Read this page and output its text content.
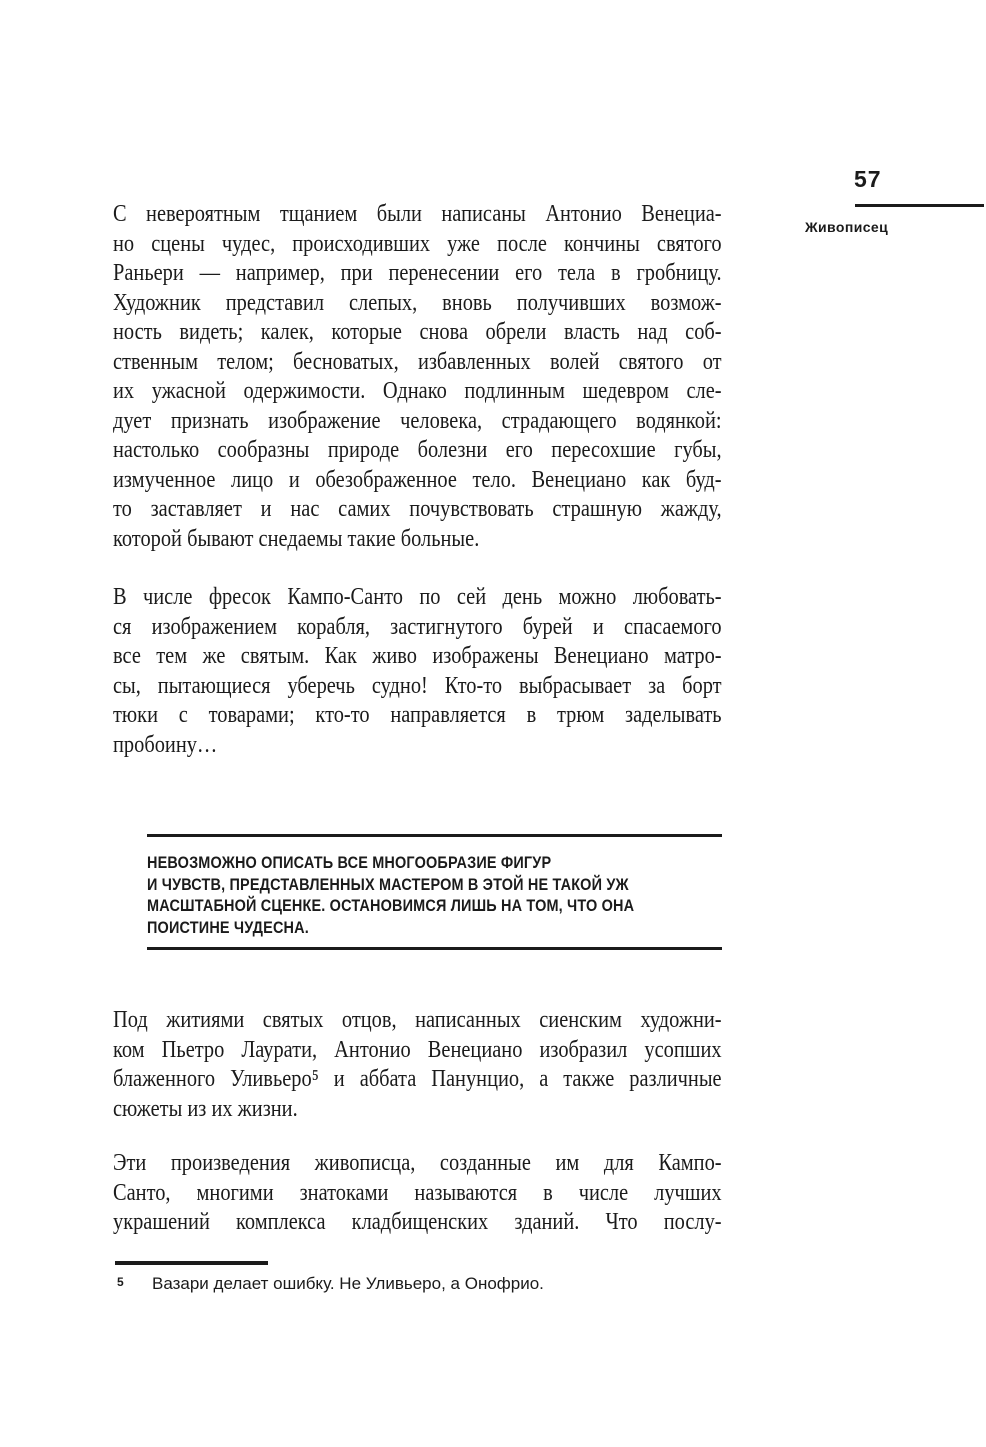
57
Живописец
С невероятным тщанием были написаны Антонио Венециа-
но сцены чудес, происходивших уже после кончины святого
Раньери — например, при перенесении его тела в гробницу.
Художник представил слепых, вновь получивших возмож-
ность видеть; калек, которые снова обрели власть над соб-
ственным телом; бесноватых, избавленных волей святого от
их ужасной одержимости. Однако подлинным шедевром сле-
дует признать изображение человека, страдающего водянкой:
настолько сообразны природе болезни его пересохшие губы,
измученное лицо и обезображенное тело. Венециано как буд-
то заставляет и нас самих почувствовать страшную жажду,
которой бывают снедаемы такие больные.
В числе фресок Кампо-Санто по сей день можно любовать-
ся изображением корабля, застигнутого бурей и спасаемого
все тем же святым. Как живо изображены Венециано матро-
сы, пытающиеся уберечь судно! Кто-то выбрасывает за борт
тюки с товарами; кто-то направляется в трюм заделывать
пробоину…
НЕВОЗМОЖНО ОПИСАТЬ ВСЕ МНОГООБРАЗИЕ ФИГУР
И ЧУВСТВ, ПРЕДСТАВЛЕННЫХ МАСТЕРОМ В ЭТОЙ НЕ ТАКОЙ УЖ
МАСШТАБНОЙ СЦЕНКЕ. ОСТАНОВИМСЯ ЛИШЬ НА ТОМ, ЧТО ОНА
ПОИСТИНЕ ЧУДЕСНА.
Под житиями святых отцов, написанных сиенским художни-
ком Пьетро Лаурати, Антонио Венециано изобразил усопших
блаженного Уливьеро⁵ и аббата Панунцио, а также различные
сюжеты из их жизни.
Эти произведения живописца, созданные им для Кампо-
Санто, многими знатоками называются в числе лучших
украшений комплекса кладбищенских зданий. Что послу-
5	Вазари делает ошибку. Не Уливьеро, а Онофрио.
